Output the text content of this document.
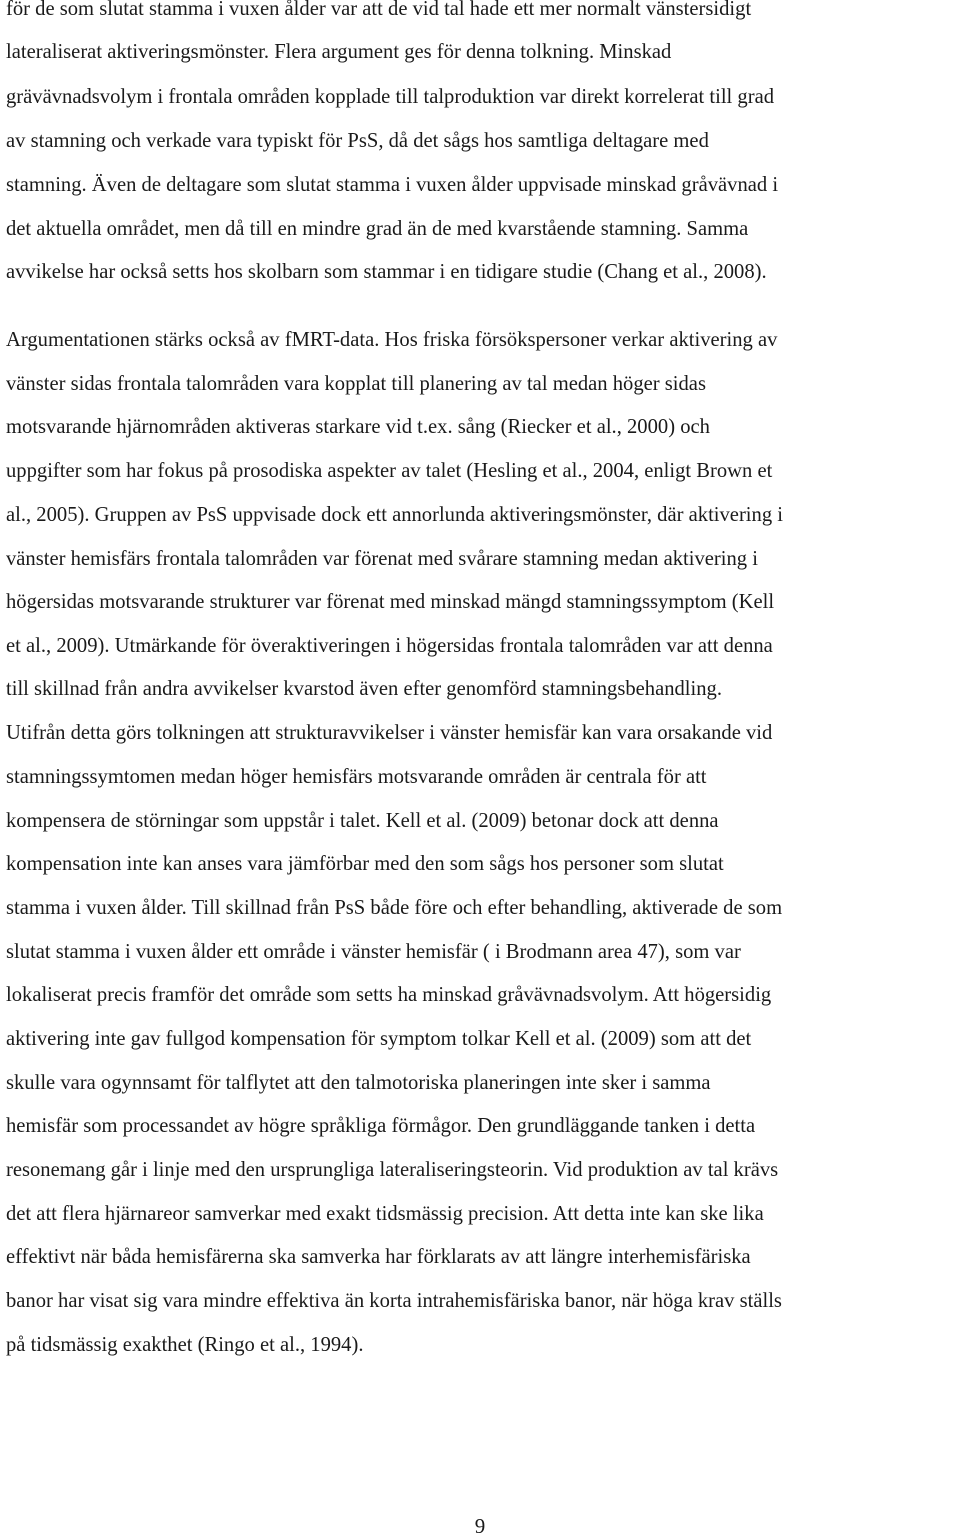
för de som slutat stamma i vuxen ålder var att de vid tal hade ett mer normalt vänstersidigt
lateraliserat aktiveringsmönster. Flera argument ges för denna tolkning. Minskad
grävävnadsvolym i frontala områden kopplade till talproduktion var direkt korrelerat till grad
av stamning och verkade vara typiskt för PsS, då det sågs hos samtliga deltagare med
stamning. Även de deltagare som slutat stamma i vuxen ålder uppvisade minskad gråvävnad i
det aktuella området, men då till en mindre grad än de med kvarstående stamning. Samma
avvikelse har också setts hos skolbarn som stammar i en tidigare studie (Chang et al., 2008).
Argumentationen stärks också av fMRT-data. Hos friska försökspersoner verkar aktivering av
vänster sidas frontala talområden vara kopplat till planering av tal medan höger sidas
motsvarande hjärnområden aktiveras starkare vid t.ex. sång (Riecker et al., 2000) och
uppgifter som har fokus på prosodiska aspekter av talet (Hesling et al., 2004, enligt Brown et
al., 2005). Gruppen av PsS uppvisade dock ett annorlunda aktiveringsmönster, där aktivering i
vänster hemisfärs frontala talområden var förenat med svårare stamning medan aktivering i
högersidas motsvarande strukturer var förenat med minskad mängd stamningssymptom (Kell
et al., 2009). Utmärkande för överaktiveringen i högersidas frontala talområden var att denna
till skillnad från andra avvikelser kvarstod även efter genomförd stamningsbehandling.
Utifrån detta görs tolkningen att strukturavvikelser i vänster hemisfär kan vara orsakande vid
stamningssymtomen medan höger hemisfärs motsvarande områden är centrala för att
kompensera de störningar som uppstår i talet. Kell et al. (2009) betonar dock att denna
kompensation inte kan anses vara jämförbar med den som sågs hos personer som slutat
stamma i vuxen ålder. Till skillnad från PsS både före och efter behandling, aktiverade de som
slutat stamma i vuxen ålder ett område i vänster hemisfär ( i Brodmann area 47), som var
lokaliserat precis framför det område som setts ha minskad gråvävnadsvolym. Att högersidig
aktivering inte gav fullgod kompensation för symptom tolkar Kell et al. (2009) som att det
skulle vara ogynnsamt för talflytet att den talmotoriska planeringen inte sker i samma
hemisfär som processandet av högre språkliga förmågor. Den grundläggande tanken i detta
resonemang går i linje med den ursprungliga lateraliseringsteorin. Vid produktion av tal krävs
det att flera hjärnareor samverkar med exakt tidsmässig precision. Att detta inte kan ske lika
effektivt när båda hemisfärerna ska samverka har förklarats av att längre interhemisfäriska
banor har visat sig vara mindre effektiva än korta intrahemisfäriska banor, när höga krav ställs
på tidsmässig exakthet (Ringo et al., 1994).
9
